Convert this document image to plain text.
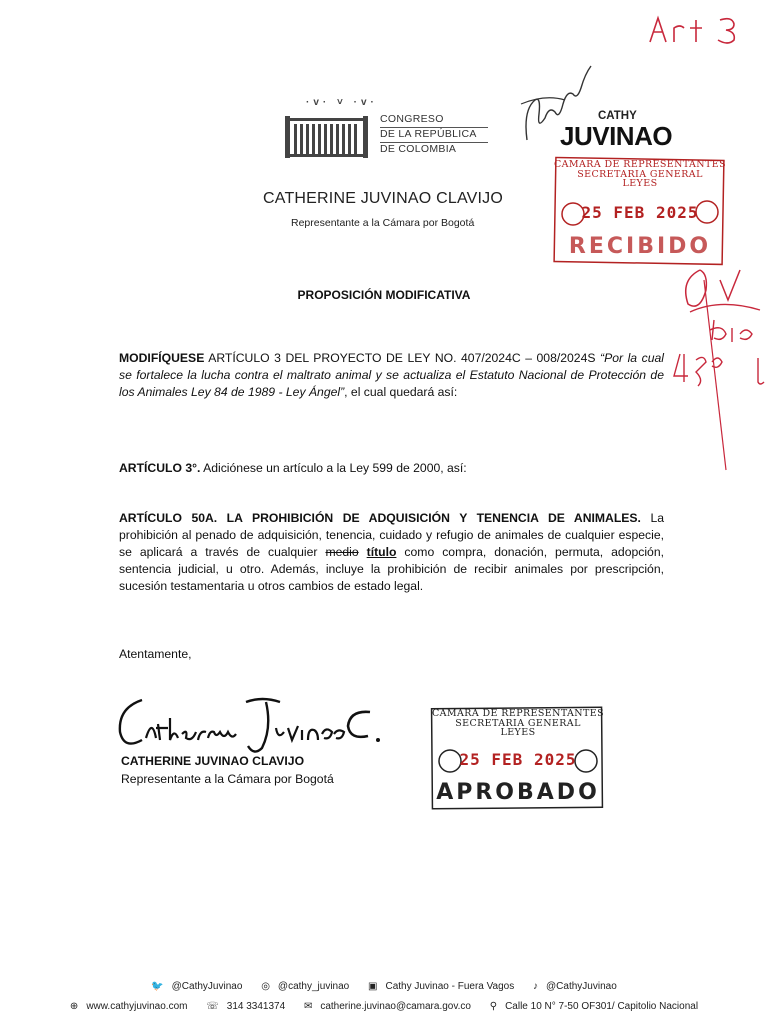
·v· ˅ ·v·
CONGRESO
DE LA REPÚBLICA
DE COLOMBIA
CATHERINE JUVINAO CLAVIJO
Representante a la Cámara por Bogotá
CATHY
JUVINAO
CAMARA DE REPRESENTANTES
SECRETARIA GENERAL
LEYES
25 FEB 2025
RECIBIDO
PROPOSICIÓN MODIFICATIVA
MODIFÍQUESE ARTÍCULO 3 DEL PROYECTO DE LEY NO. 407/2024C – 008/2024S “Por la cual se fortalece la lucha contra el maltrato animal y se actualiza el Estatuto Nacional de Protección de los Animales Ley 84 de 1989 - Ley Ángel”, el cual quedará así:
ARTÍCULO 3°. Adiciónese un artículo a la Ley 599 de 2000, así:
ARTÍCULO 50A. LA PROHIBICIÓN DE ADQUISICIÓN Y TENENCIA DE ANIMALES. La prohibición al penado de adquisición, tenencia, cuidado y refugio de animales de cualquier especie, se aplicará a través de cualquier medio título como compra, donación, permuta, adopción, sentencia judicial, u otro. Además, incluye la prohibición de recibir animales por prescripción, sucesión testamentaria u otros cambios de estado legal.
Atentamente,
CATHERINE JUVINAO CLAVIJO
Representante a la Cámara por Bogotá
CAMARA DE REPRESENTANTES
SECRETARIA GENERAL
LEYES
25 FEB 2025
APROBADO
🐦 @CathyJuvinao ◎ @cathy_juvinao ▣ Cathy Juvinao - Fuera Vagos ♪ @CathyJuvinao
⊕ www.cathyjuvinao.com ☏ 314 3341374 ✉ catherine.juvinao@camara.gov.co ⚲ Calle 10 N° 7-50 OF301/ Capitolio Nacional
